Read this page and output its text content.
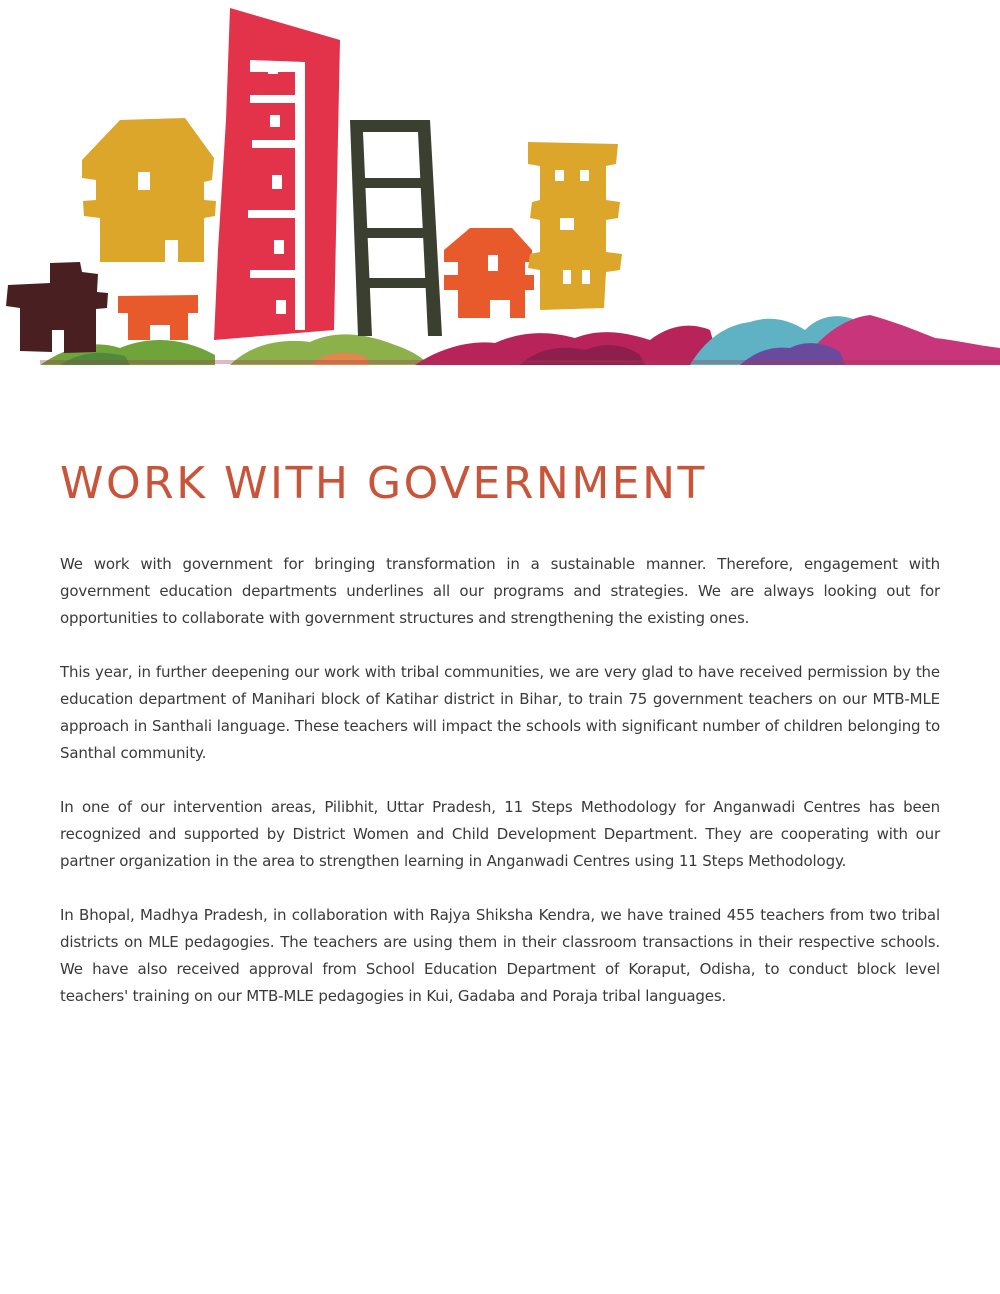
WORK WITH GOVERNMENT

We work with government for bringing transformation in a sustainable manner. Therefore, engagement with government education departments underlines all our programs and strategies. We are always looking out for opportunities to collaborate with government structures and strengthening the existing ones.

This year, in further deepening our work with tribal communities, we are very glad to have received permission by the education department of Manihari block of Katihar district in Bihar, to train 75 government teachers on our MTB-MLE approach in Santhali language. These teachers will impact the schools with significant number of children belonging to Santhal community.

In one of our intervention areas, Pilibhit, Uttar Pradesh, 11 Steps Methodology for Anganwadi Centres has been recognized and supported by District Women and Child Development Department. They are cooperating with our partner organization in the area to strengthen learning in Anganwadi Centres using 11 Steps Methodology.

In Bhopal, Madhya Pradesh, in collaboration with Rajya Shiksha Kendra, we have trained 455 teachers from two tribal districts on MLE pedagogies. The teachers are using them in their classroom transactions in their respective schools. We have also received approval from School Education Department of Koraput, Odisha, to conduct block level teachers' training on our MTB-MLE pedagogies in Kui, Gadaba and Poraja tribal languages.
